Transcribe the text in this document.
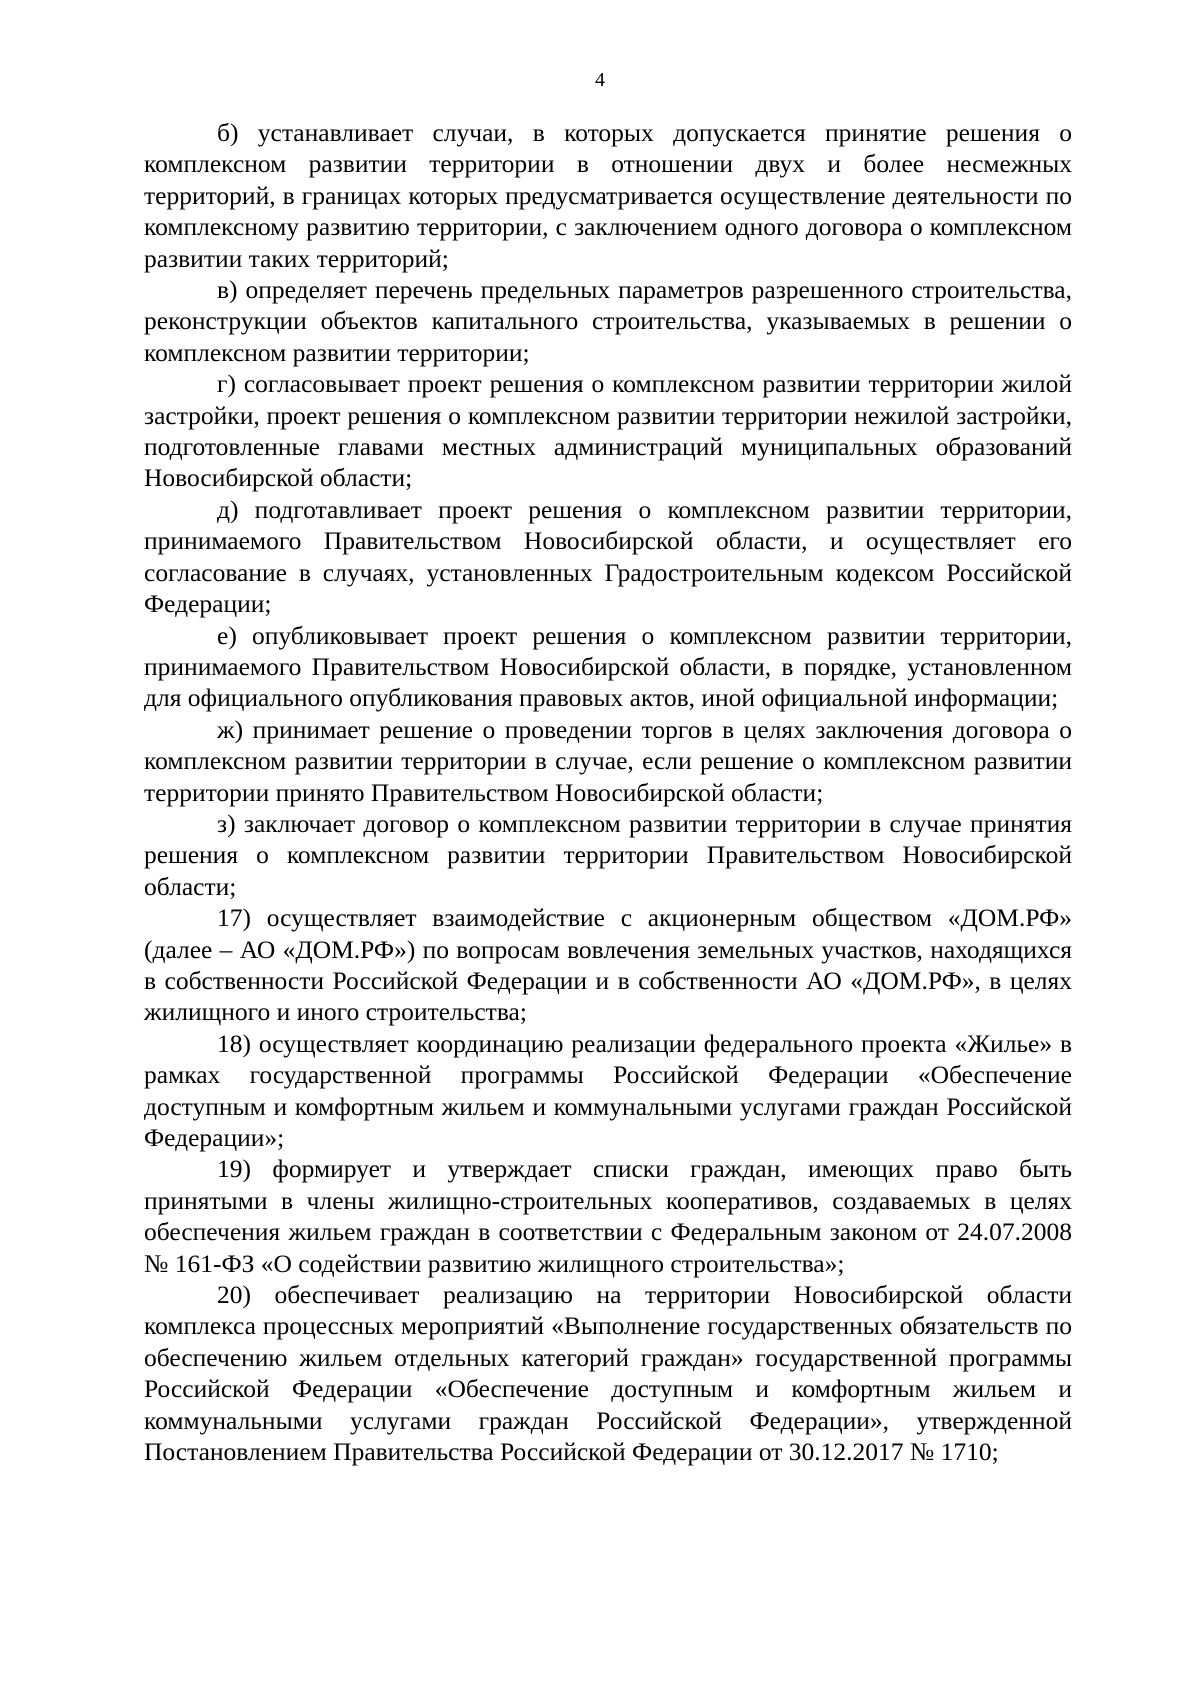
4

б) устанавливает случаи, в которых допускается принятие решения о комплексном развитии территории в отношении двух и более несмежных территорий, в границах которых предусматривается осуществление деятельности по комплексному развитию территории, с заключением одного договора о комплексном развитии таких территорий;

в) определяет перечень предельных параметров разрешенного строительства, реконструкции объектов капитального строительства, указываемых в решении о комплексном развитии территории;

г) согласовывает проект решения о комплексном развитии территории жилой застройки, проект решения о комплексном развитии территории нежилой застройки, подготовленные главами местных администраций муниципальных образований Новосибирской области;

д) подготавливает проект решения о комплексном развитии территории, принимаемого Правительством Новосибирской области, и осуществляет его согласование в случаях, установленных Градостроительным кодексом Российской Федерации;

е) опубликовывает проект решения о комплексном развитии территории, принимаемого Правительством Новосибирской области, в порядке, установленном для официального опубликования правовых актов, иной официальной информации;

ж) принимает решение о проведении торгов в целях заключения договора о комплексном развитии территории в случае, если решение о комплексном развитии территории принято Правительством Новосибирской области;

з) заключает договор о комплексном развитии территории в случае принятия решения о комплексном развитии территории Правительством Новосибирской области;

17) осуществляет взаимодействие с акционерным обществом «ДОМ.РФ» (далее – АО «ДОМ.РФ») по вопросам вовлечения земельных участков, находящихся в собственности Российской Федерации и в собственности АО «ДОМ.РФ», в целях жилищного и иного строительства;

18) осуществляет координацию реализации федерального проекта «Жилье» в рамках государственной программы Российской Федерации «Обеспечение доступным и комфортным жильем и коммунальными услугами граждан Российской Федерации»;

19) формирует и утверждает списки граждан, имеющих право быть принятыми в члены жилищно-строительных кооперативов, создаваемых в целях обеспечения жильем граждан в соответствии с Федеральным законом от 24.07.2008 № 161-ФЗ «О содействии развитию жилищного строительства»;

20) обеспечивает реализацию на территории Новосибирской области комплекса процессных мероприятий «Выполнение государственных обязательств по обеспечению жильем отдельных категорий граждан» государственной программы Российской Федерации «Обеспечение доступным и комфортным жильем и коммунальными услугами граждан Российской Федерации», утвержденной Постановлением Правительства Российской Федерации от 30.12.2017 № 1710;
